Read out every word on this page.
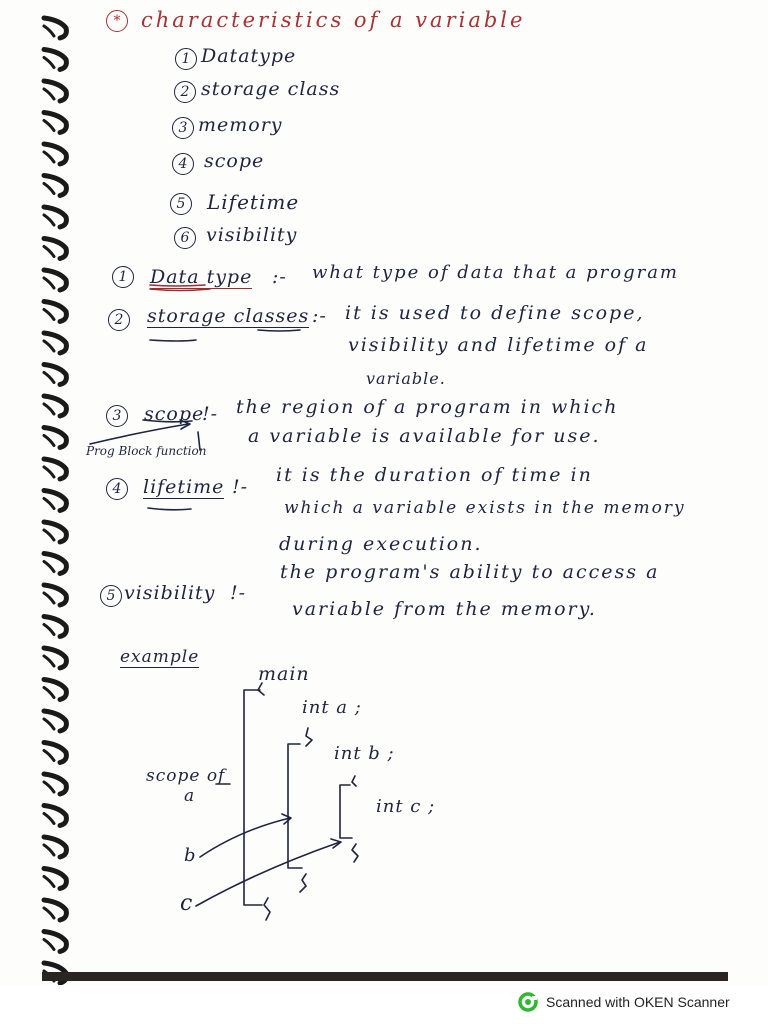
* characteristics of a variable
1 Datatype
2 storage class
3 memory
4 scope
5	Lifetime
6 visibility
1	Data type :- what type of data that a program
2	storage classes :- it is used to define scope,
visibility and lifetime of a
variable.
3	scope
!- the region of a program in which
a variable is available for use.
Prog Block function
4	lifetime !-
it is the duration of time in
which a variable exists in the memory
during execution.
5 visibility !-
the program's ability to access a
variable from the memory.
example
main
int a ;
int b ;
int c ;
scope of
a
b
c
Scanned with OKEN Scanner
